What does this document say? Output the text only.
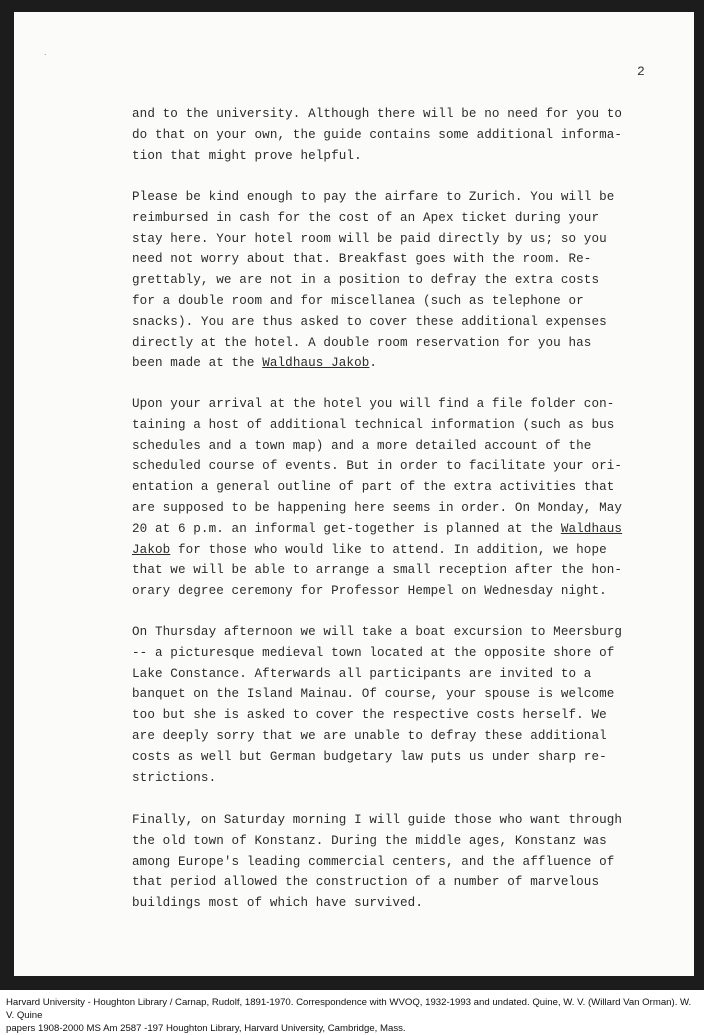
`
2
and to the university. Although there will be no need for you to
do that on your own, the guide contains some additional informa-
tion that might prove helpful.
Please be kind enough to pay the airfare to Zurich. You will be
reimbursed in cash for the cost of an Apex ticket during your
stay here. Your hotel room will be paid directly by us; so you
need not worry about that. Breakfast goes with the room. Re-
grettably, we are not in a position to defray the extra costs
for a double room and for miscellanea (such as telephone or
snacks). You are thus asked to cover these additional expenses
directly at the hotel. A double room reservation for you has
been made at the Waldhaus Jakob.
Upon your arrival at the hotel you will find a file folder con-
taining a host of additional technical information (such as bus
schedules and a town map) and a more detailed account of the
scheduled course of events. But in order to facilitate your ori-
entation a general outline of part of the extra activities that
are supposed to be happening here seems in order. On Monday, May
20 at 6 p.m. an informal get-together is planned at the Waldhaus
Jakob for those who would like to attend. In addition, we hope
that we will be able to arrange a small reception after the hon-
orary degree ceremony for Professor Hempel on Wednesday night.
On Thursday afternoon we will take a boat excursion to Meersburg
-- a picturesque medieval town located at the opposite shore of
Lake Constance. Afterwards all participants are invited to a
banquet on the Island Mainau. Of course, your spouse is welcome
too but she is asked to cover the respective costs herself. We
are deeply sorry that we are unable to defray these additional
costs as well but German budgetary law puts us under sharp re-
strictions.
Finally, on Saturday morning I will guide those who want through
the old town of Konstanz. During the middle ages, Konstanz was
among Europe's leading commercial centers, and the affluence of
that period allowed the construction of a number of marvelous
buildings most of which have survived.
Harvard University - Houghton Library / Carnap, Rudolf, 1891-1970. Correspondence with WVOQ, 1932-1993 and undated. Quine, W. V. (Willard Van Orman). W. V. Quine
papers 1908-2000 MS Am 2587 -197 Houghton Library, Harvard University, Cambridge, Mass.
